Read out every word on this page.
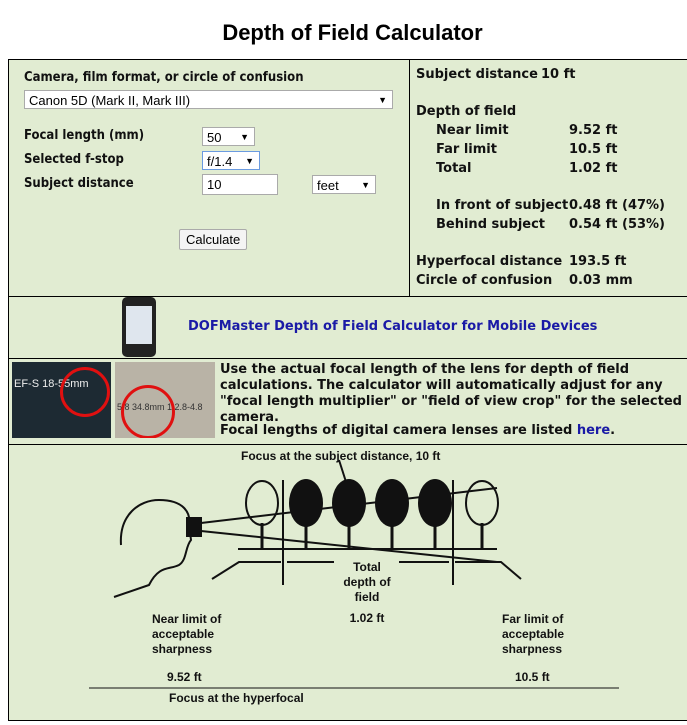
Depth of Field Calculator
Camera, film format, or circle of confusion
Canon 5D (Mark II, Mark III)	▼
Focal length (mm)	50 ▼
Selected f-stop	f/1.4 ▼
Subject distance	10	feet ▼
Calculate
Subject distance 10 ft
Depth of field
Near limit	9.52 ft
Far limit	10.5 ft
Total	1.02 ft
In front of subject 0.48 ft (47%)
Behind subject 0.54 ft (53%)
Hyperfocal distance 193.5 ft
Circle of confusion 0.03 mm
DOFMaster Depth of Field Calculator for Mobile Devices
EF-S 18-55mm
5.8 34.8mm 1:2.8-4.8
Use the actual focal length of the lens for depth of field calculations. The calculator will automatically adjust for any "focal length multiplier" or "field of view crop" for the selected camera.
Focal lengths of digital camera lenses are listed here.
Focus at the subject distance, 10 ft
Total
depth of
field
1.02 ft
Near limit of
acceptable
sharpness
9.52 ft
Far limit of
acceptable
sharpness
10.5 ft
Focus at the hyperfocal
